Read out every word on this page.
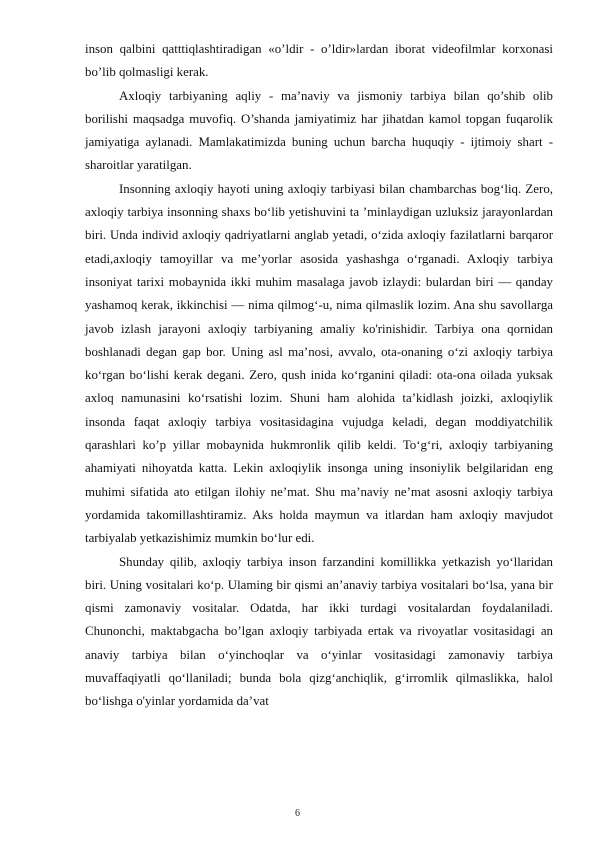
inson qalbini qatttiqlashtiradigan «o’ldir - o’ldir»lardan iborat videofilmlar korxonasi bo’lib qolmasligi kerak.

Axloqiy tarbiyaning aqliy - ma’naviy va jismoniy tarbiya bilan qo’shib olib borilishi maqsadga muvofiq. O’shanda jamiyatimiz har jihatdan kamol topgan fuqarolik jamiyatiga aylanadi. Mamlakatimizda buning uchun barcha huquqiy - ijtimoiy shart - sharoitlar yaratilgan.

Insonning axloqiy hayoti uning axloqiy tarbiyasi bilan chambarchas bog‘liq. Zero, axloqiy tarbiya insonning shaxs bo‘lib yetishuvini ta ’minlaydigan uzluksiz jarayonlardan biri. Unda individ axloqiy qadriyatlarni anglab yetadi, o‘zida axloqiy fazilatlarni barqaror etadi,axloqiy tamoyillar va me’yorlar asosida yashashga o‘rganadi. Axloqiy tarbiya insoniyat tarixi mobaynida ikki muhim masalaga javob izlaydi: bulardan biri — qanday yashamoq kerak, ikkinchisi — nima qilmog‘-u, nima qilmaslik lozim. Ana shu savollarga javob izlash jarayoni axloqiy tarbiyaning amaliy ko'rinishidir. Tarbiya ona qornidan boshlanadi degan gap bor. Uning asl ma’nosi, avvalo, ota-onaning o‘zi axloqiy tarbiya ko‘rgan bo‘lishi kerak degani. Zero, qush inida ko‘rganini qiladi: ota-ona oilada yuksak axloq namunasini ko‘rsatishi lozim. Shuni ham alohida ta’kidlash joizki, axloqiylik insonda faqat axloqiy tarbiya vositasidagina vujudga keladi, degan moddiyatchilik qarashlari ko’p yillar mobaynida hukmronlik qilib keldi. To‘g‘ri, axloqiy tarbiyaning ahamiyati nihoyatda katta. Lekin axloqiylik insonga uning insoniylik belgilaridan eng muhimi sifatida ato etilgan ilohiy ne’mat. Shu ma’naviy ne’mat asosni axloqiy tarbiya yordamida takomillashtiramiz. Aks holda maymun va itlardan ham axloqiy mavjudot tarbiyalab yetkazishimiz mumkin bo‘lur edi.

Shunday qilib, axloqiy tarbiya inson farzandini komillikka yetkazish yo‘llaridan biri. Uning vositalari ko‘p. Ulaming bir qismi an’anaviy tarbiya vositalari bo‘lsa, yana bir qismi zamonaviy vositalar. Odatda, har ikki turdagi vositalardan foydalaniladi. Chunonchi, maktabgacha bo’lgan axloqiy tarbiyada ertak va rivoyatlar vositasidagi an anaviy tarbiya bilan o‘yinchoqlar va o‘yinlar vositasidagi zamonaviy tarbiya muvaffaqiyatli qo‘llaniladi; bunda bola qizg‘anchiqlik, g‘irromlik qilmaslikka, halol bo‘lishga o'yinlar yordamida da’vat

6
